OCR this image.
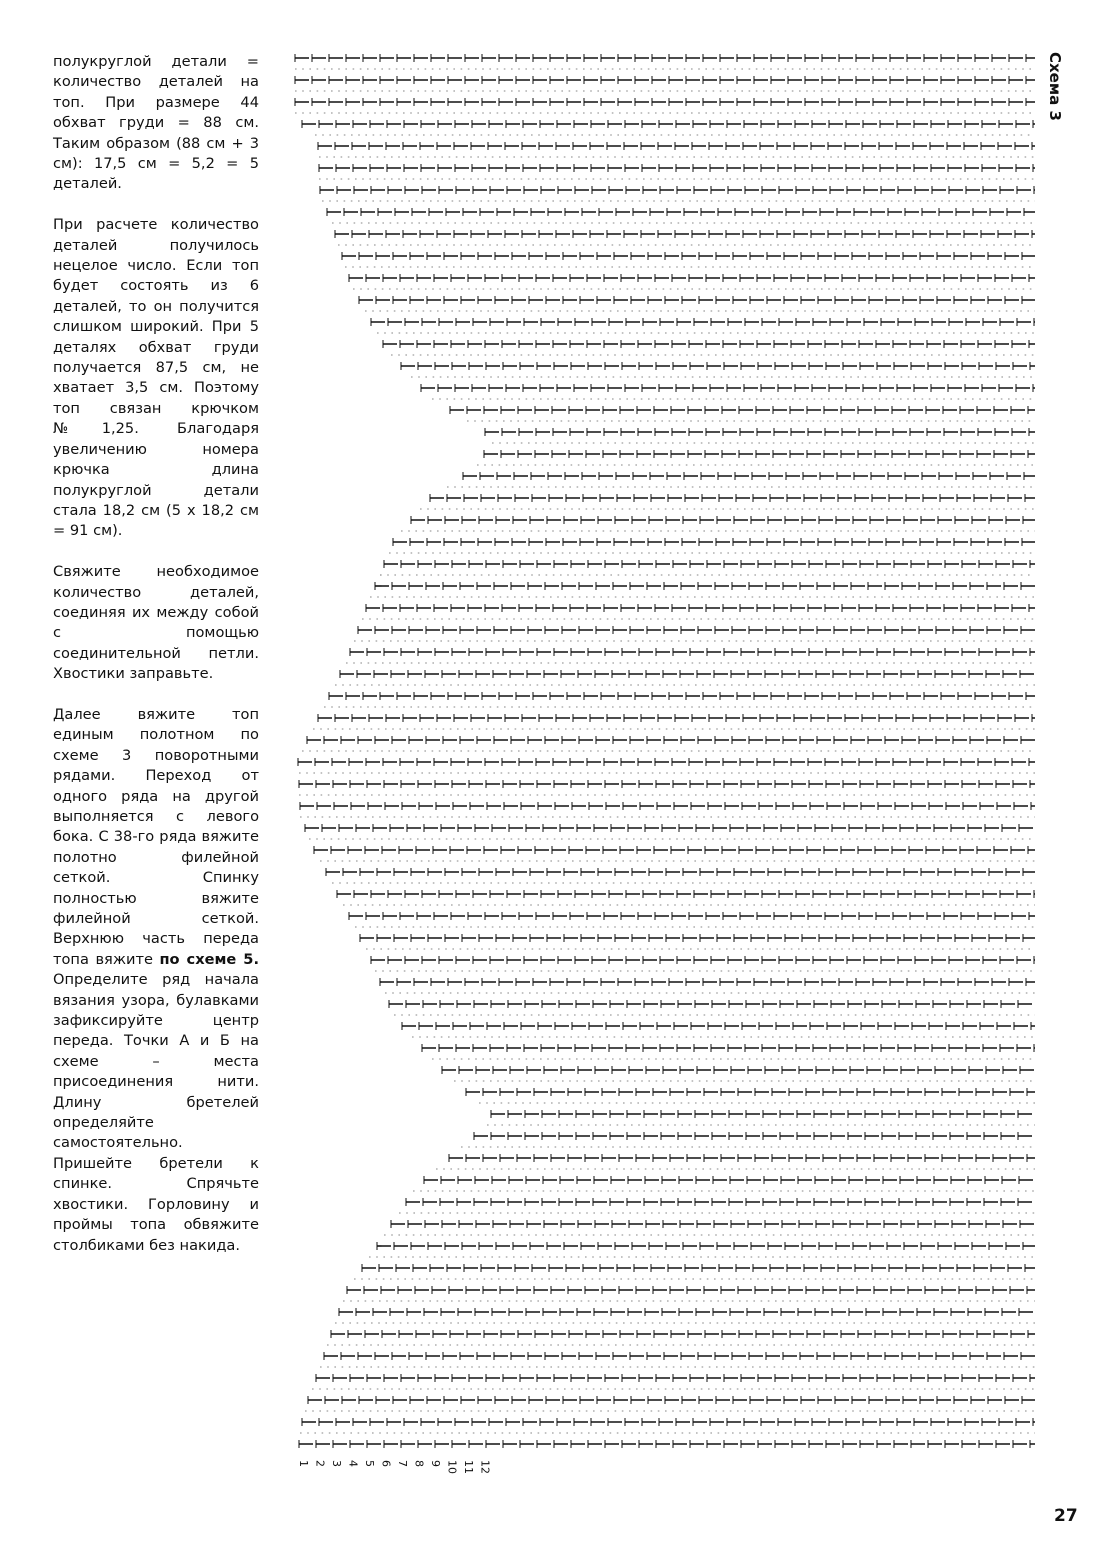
полукруглой детали = количество деталей на топ. При размере 44 обхват груди = 88 см. Таким образом (88 см + 3 см): 17,5 см = 5,2 = 5 деталей.

При расчете количество деталей получилось нецелое число. Если топ будет состоять из 6 деталей, то он получится слишком широкий. При 5 деталях обхват груди получается 87,5 см, не хватает 3,5 см. Поэтому топ связан крючком №1,25. Благодаря увеличению номера крючка длина полукруглой детали стала 18,2 см (5 х 18,2 см = 91 см).

Свяжите необходимое количество деталей, соединяя их между собой с помощью соединительной петли. Хвостики заправьте.

Далее вяжите топ единым полотном по схеме 3 поворотными рядами. Переход от одного ряда на другой выполняется с левого бока. С 38-го ряда вяжите полотно филейной сеткой. Спинку полностью вяжите филейной сеткой. Верхнюю часть переда топа вяжите по схеме 5. Определите ряд начала вязания узора, булавками зафиксируйте центр переда. Точки А и Б на схеме – места присоединения нити. Длину бретелей определяйте самостоятельно. Пришейте бретели к спинке. Спрячьте хвостики. Горловину и проймы топа обвяжите столбиками без накида.

1 2 3 4 5 6 7 8 9 10 11 12
Схема 3
27
